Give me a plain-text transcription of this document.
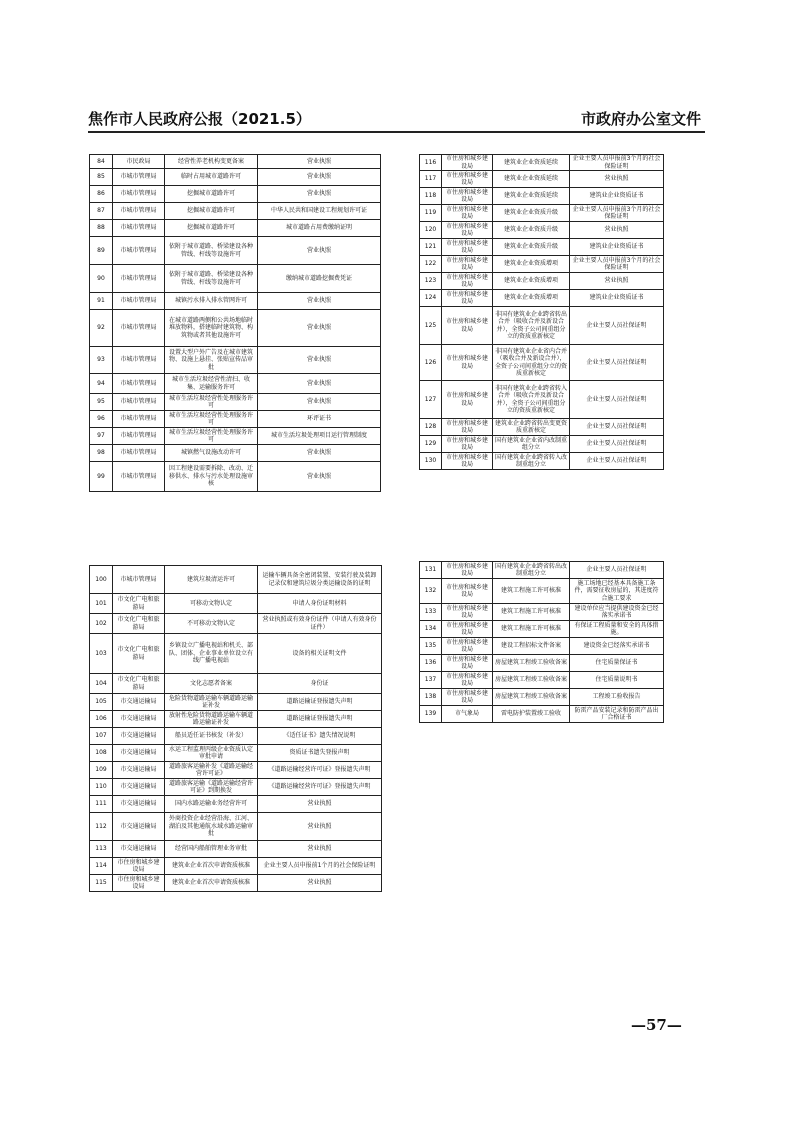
焦作市人民政府公报（2021.5）	市政府办公室文件
84	市民政局	经营性养老机构变更备案	营业执照
85	市城市管理局	临时占用城市道路许可	营业执照
86	市城市管理局	挖掘城市道路许可	营业执照
87	市城市管理局	挖掘城市道路许可	中华人民共和国建设工程规划许可证
88	市城市管理局	挖掘城市道路许可	城市道路占用费缴纳证明
89	市城市管理局	依附于城市道路、桥梁建设各种管线、杆线等设施许可	营业执照
90	市城市管理局	依附于城市道路、桥梁建设各种管线、杆线等设施许可	缴纳城市道路挖掘费凭证
91	市城市管理局	城镇污水排入排水管网许可	营业执照
92	市城市管理局	在城市道路两侧和公共场地临时堆放物料，搭建临时建筑物、构筑物或者其他设施许可	营业执照
93	市城市管理局	设置大型户外广告及在城市建筑物、设施上悬挂、张贴宣传品审批	营业执照
94	市城市管理局	城市生活垃圾经营性清扫、收集、运输服务许可	营业执照
95	市城市管理局	城市生活垃圾经营性处理服务许可	营业执照
96	市城市管理局	城市生活垃圾经营性处理服务许可	环评证书
97	市城市管理局	城市生活垃圾经营性处理服务许可	城市生活垃圾处理项目运行管理制度
98	市城市管理局	城镇燃气设施改动许可	营业执照
99	市城市管理局	因工程建设需要拆除、改动、迁移供水、排水与污水处理设施审核	营业执照
116	市住房和城乡建设局	建筑业企业资质延续	企业主要人员申报前3个月的社会保险证明
117	市住房和城乡建设局	建筑业企业资质延续	营业执照
118	市住房和城乡建设局	建筑业企业资质延续	建筑业企业资质证书
119	市住房和城乡建设局	建筑业企业资质升级	企业主要人员申报前3个月的社会保险证明
120	市住房和城乡建设局	建筑业企业资质升级	营业执照
121	市住房和城乡建设局	建筑业企业资质升级	建筑业企业资质证书
122	市住房和城乡建设局	建筑业企业资质增项	企业主要人员申报前3个月的社会保险证明
123	市住房和城乡建设局	建筑业企业资质增项	营业执照
124	市住房和城乡建设局	建筑业企业资质增项	建筑业企业资质证书
125	市住房和城乡建设局	非国有建筑业企业跨省转出合并（吸收合并及新设合并），全资子公司间重组分立的资质重新核定	企业主要人员社保证明
126	市住房和城乡建设局	非国有建筑业企业省内合并（吸收合并及新设合并），全资子公司间重组分立的资质重新核定	企业主要人员社保证明
127	市住房和城乡建设局	非国有建筑业企业跨省转入合并（吸收合并及新设合并），全资子公司间重组分立的资质重新核定	企业主要人员社保证明
128	市住房和城乡建设局	建筑业企业跨省转出变更资质重新核定	企业主要人员社保证明
129	市住房和城乡建设局	国有建筑业企业省内改制重组分立	企业主要人员社保证明
130	市住房和城乡建设局	国有建筑业企业跨省转入改制重组分立	企业主要人员社保证明
100	市城市管理局	建筑垃圾清运许可	运输车辆具备全密闭装置、安装行驶及装卸记录仪和建筑垃圾分类运输设备的证明
101	市文化广电和旅游局	可移动文物认定	申请人身份证明材料
102	市文化广电和旅游局	不可移动文物认定	营业执照或有效身份证件（申请人有效身份证件）
103	市文化广电和旅游局	乡镇设立广播电视站和机关、部队、团体、企业事业单位设立有线广播电视站	设备的相关证明文件
104	市文化广电和旅游局	文化志愿者备案	身份证
105	市交通运输局	危险货物道路运输车辆道路运输证补发	道路运输证登报遗失声明
106	市交通运输局	放射性危险货物道路运输车辆道路运输证补发	道路运输证登报遗失声明
107	市交通运输局	船员适任证书核发（补发）	《适任证书》遗失情况说明
108	市交通运输局	水运工程监理丙级企业资质认定审批申请	资质证书遗失登报声明
109	市交通运输局	道路旅客运输补发《道路运输经营许可证》	《道路运输经营许可证》登报遗失声明
110	市交通运输局	道路旅客运输《道路运输经营许可证》到期换发	《道路运输经营许可证》登报遗失声明
111	市交通运输局	国内水路运输业务经营许可	营业执照
112	市交通运输局	外商投资企业经营沿海、江河、湖泊及其他通航水域水路运输审批	营业执照
113	市交通运输局	经营国内船舶管理业务审批	营业执照
114	市住房和城乡建设局	建筑业企业首次申请资质核准	企业主要人员申报前1个月的社会保险证明
115	市住房和城乡建设局	建筑业企业首次申请资质核准	营业执照
131	市住房和城乡建设局	国有建筑业企业跨省转出改制重组分立	企业主要人员社保证明
132	市住房和城乡建设局	建筑工程施工许可核准	施工场地已经基本具备施工条件，需要征收房屋的，其进度符合施工要求
133	市住房和城乡建设局	建筑工程施工许可核准	建设单位应当提供建设资金已经落实承诺书
134	市住房和城乡建设局	建筑工程施工许可核准	有保证工程质量和安全的具体措施。
135	市住房和城乡建设局	建设工程招标文件备案	建设资金已经落实承诺书
136	市住房和城乡建设局	房屋建筑工程竣工验收备案	住宅质量保证书
137	市住房和城乡建设局	房屋建筑工程竣工验收备案	住宅质量说明书
138	市住房和城乡建设局	房屋建筑工程竣工验收备案	工程竣工验收报告
139	市气象局	雷电防护装置竣工验收	防雷产品安装记录和防雷产品出厂合格证书
—57—
